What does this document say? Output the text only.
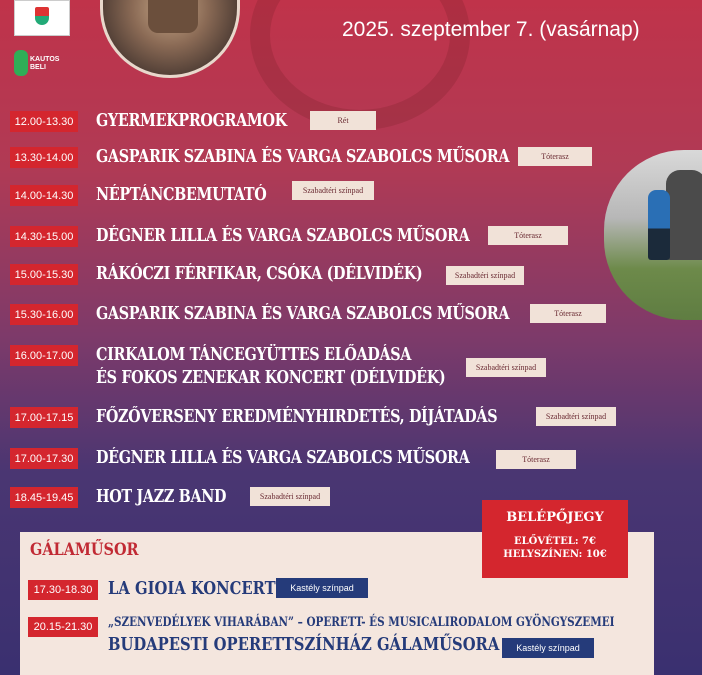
KAUTOS BELI
2025. szeptember 7. (vasárnap)
12.00-13.30 GYERMEKPROGRAMOK	Rét
13.30-14.00 GASPARIK SZABINA ÉS VARGA SZABOLCS MŰSORA	Tóterasz
14.00-14.30 NÉPTÁNCBEMUTATÓ	Szabadtéri színpad
14.30-15.00 DÉGNER LILLA ÉS VARGA SZABOLCS MŰSORA	Tóterasz
15.00-15.30 RÁKÓCZI FÉRFIKAR, CSÓKA (DÉLVIDÉK)	Szabadtéri színpad
15.30-16.00 GASPARIK SZABINA ÉS VARGA SZABOLCS MŰSORA	Tóterasz
16.00-17.00 CIRKALOM TÁNCEGYÜTTES ELŐADÁSA
ÉS FOKOS ZENEKAR KONCERT (DÉLVIDÉK)
Szabadtéri színpad
17.00-17.15 FŐZŐVERSENY EREDMÉNYHIRDETÉS, DÍJÁTADÁS	Szabadtéri színpad
17.00-17.30 DÉGNER LILLA ÉS VARGA SZABOLCS MŰSORA	Tóterasz
18.45-19.45 HOT JAZZ BAND	Szabadtéri színpad
GÁLAMŰSOR
BELÉPŐJEGY
ELŐVÉTEL: 7€
HELYSZÍNEN: 10€
17.30-18.30 LA GIOIA KONCERT	Kastély színpad
20.15-21.30	„SZENVEDÉLYEK VIHARÁBAN” – OPERETT- ÉS MUSICALIRODALOM GYÖNGYSZEMEI
BUDAPESTI OPERETTSZÍNHÁZ GÁLAMŰSORA	Kastély színpad
